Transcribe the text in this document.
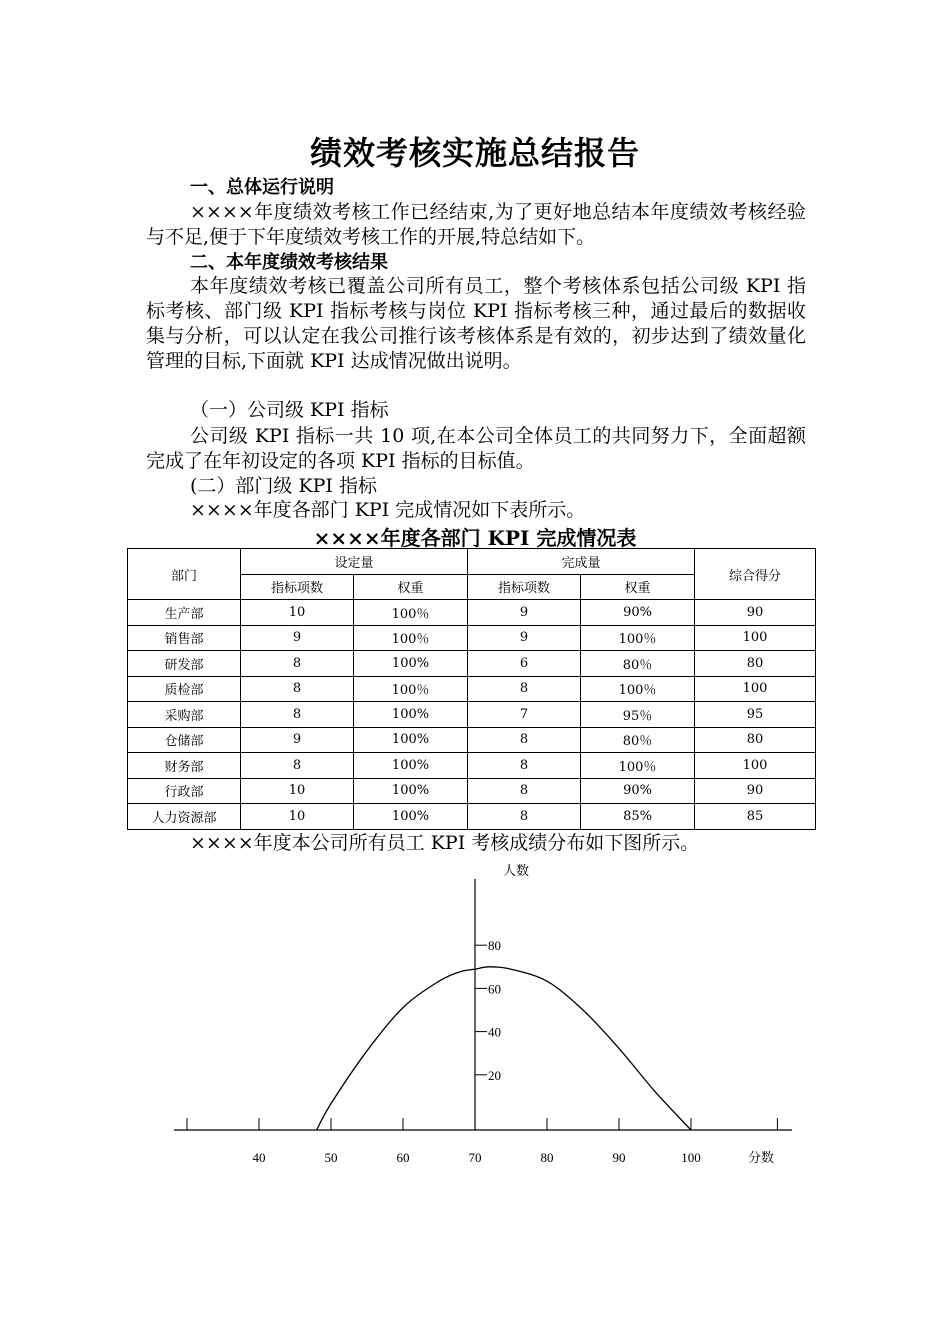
绩效考核实施总结报告
一、总体运行说明
××××年度绩效考核工作已经结束,为了更好地总结本年度绩效考核经验与不足,便于下年度绩效考核工作的开展,特总结如下。
二、本年度绩效考核结果
本年度绩效考核已覆盖公司所有员工，整个考核体系包括公司级 KPI 指标考核、部门级 KPI 指标考核与岗位 KPI 指标考核三种，通过最后的数据收集与分析，可以认定在我公司推行该考核体系是有效的，初步达到了绩效量化管理的目标,下面就 KPI 达成情况做出说明。
（一）公司级 KPI 指标
公司级 KPI 指标一共 10 项,在本公司全体员工的共同努力下，全面超额完成了在年初设定的各项 KPI 指标的目标值。
(二）部门级 KPI 指标
××××年度各部门 KPI 完成情况如下表所示。
××××年度各部门 KPI 完成情况表
部门	设定量		完成量		综合得分
	指标项数	权重	指标项数	权重	
生产部	10	100％	9	90%	90
销售部	9	100％	9	100％	100
研发部	8	100%	6	80％	80
质检部	8	100％	8	100％	100
采购部	8	100%	7	95％	95
仓储部	9	100%	8	80％	80
财务部	8	100%	8	100％	100
行政部	10	100%	8	90%	90
人力资源部	10	100%	8	85%	85
××××年度本公司所有员工 KPI 考核成绩分布如下图所示。
人数
分数
40	50	60	70	80	90	100
20
40
60
80
